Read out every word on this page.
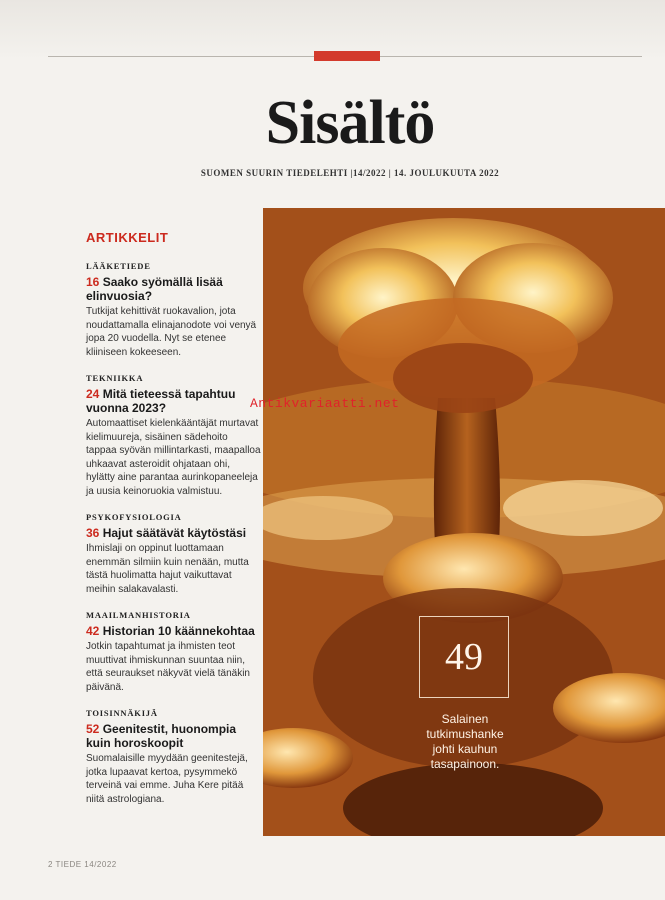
Sisältö
SUOMEN SUURIN TIEDELEHTI |14/2022 | 14. JOULUKUUTA 2022
ARTIKKELIT
LÄÄKETIEDE
16 Saako syömällä lisää elinvuosia?
Tutkijat kehittivät ruokavalion, jota noudattamalla elinajanodote voi venyä jopa 20 vuodella. Nyt se etenee kliiniseen kokeeseen.
TEKNIIKKA
24 Mitä tieteessä tapahtuu vuonna 2023?
Automaattiset kielenkääntäjät murtavat kielimuureja, sisäinen sädehoito tappaa syövän millintarkasti, maapalloa uhkaavat asteroidit ohjataan ohi, hylätty aine parantaa aurinkopaneeleja ja uusia keinoruokia valmistuu.
PSYKOFYSIOLOGIA
36 Hajut säätävät käytöstäsi
Ihmislaji on oppinut luottamaan enemmän silmiin kuin nenään, mutta tästä huolimatta hajut vaikuttavat meihin salakavalasti.
MAAILMANHISTORIA
42 Historian 10 käännekohtaa
Jotkin tapahtumat ja ihmisten teot muuttivat ihmiskunnan suuntaa niin, että seuraukset näkyvät vielä tänäkin päivänä.
TOISINNÄKIJÄ
52 Geenitestit, huonompia kuin horoskoopit
Suomalaisille myydään geenitestejä, jotka lupaavat kertoa, pysymmekö terveinä vai emme. Juha Kere pitää niitä astrologiana.
49
Salainen tutkimushanke johti kauhun tasapainoon.
Antikvariaatti.net
2 TIEDE 14/2022
